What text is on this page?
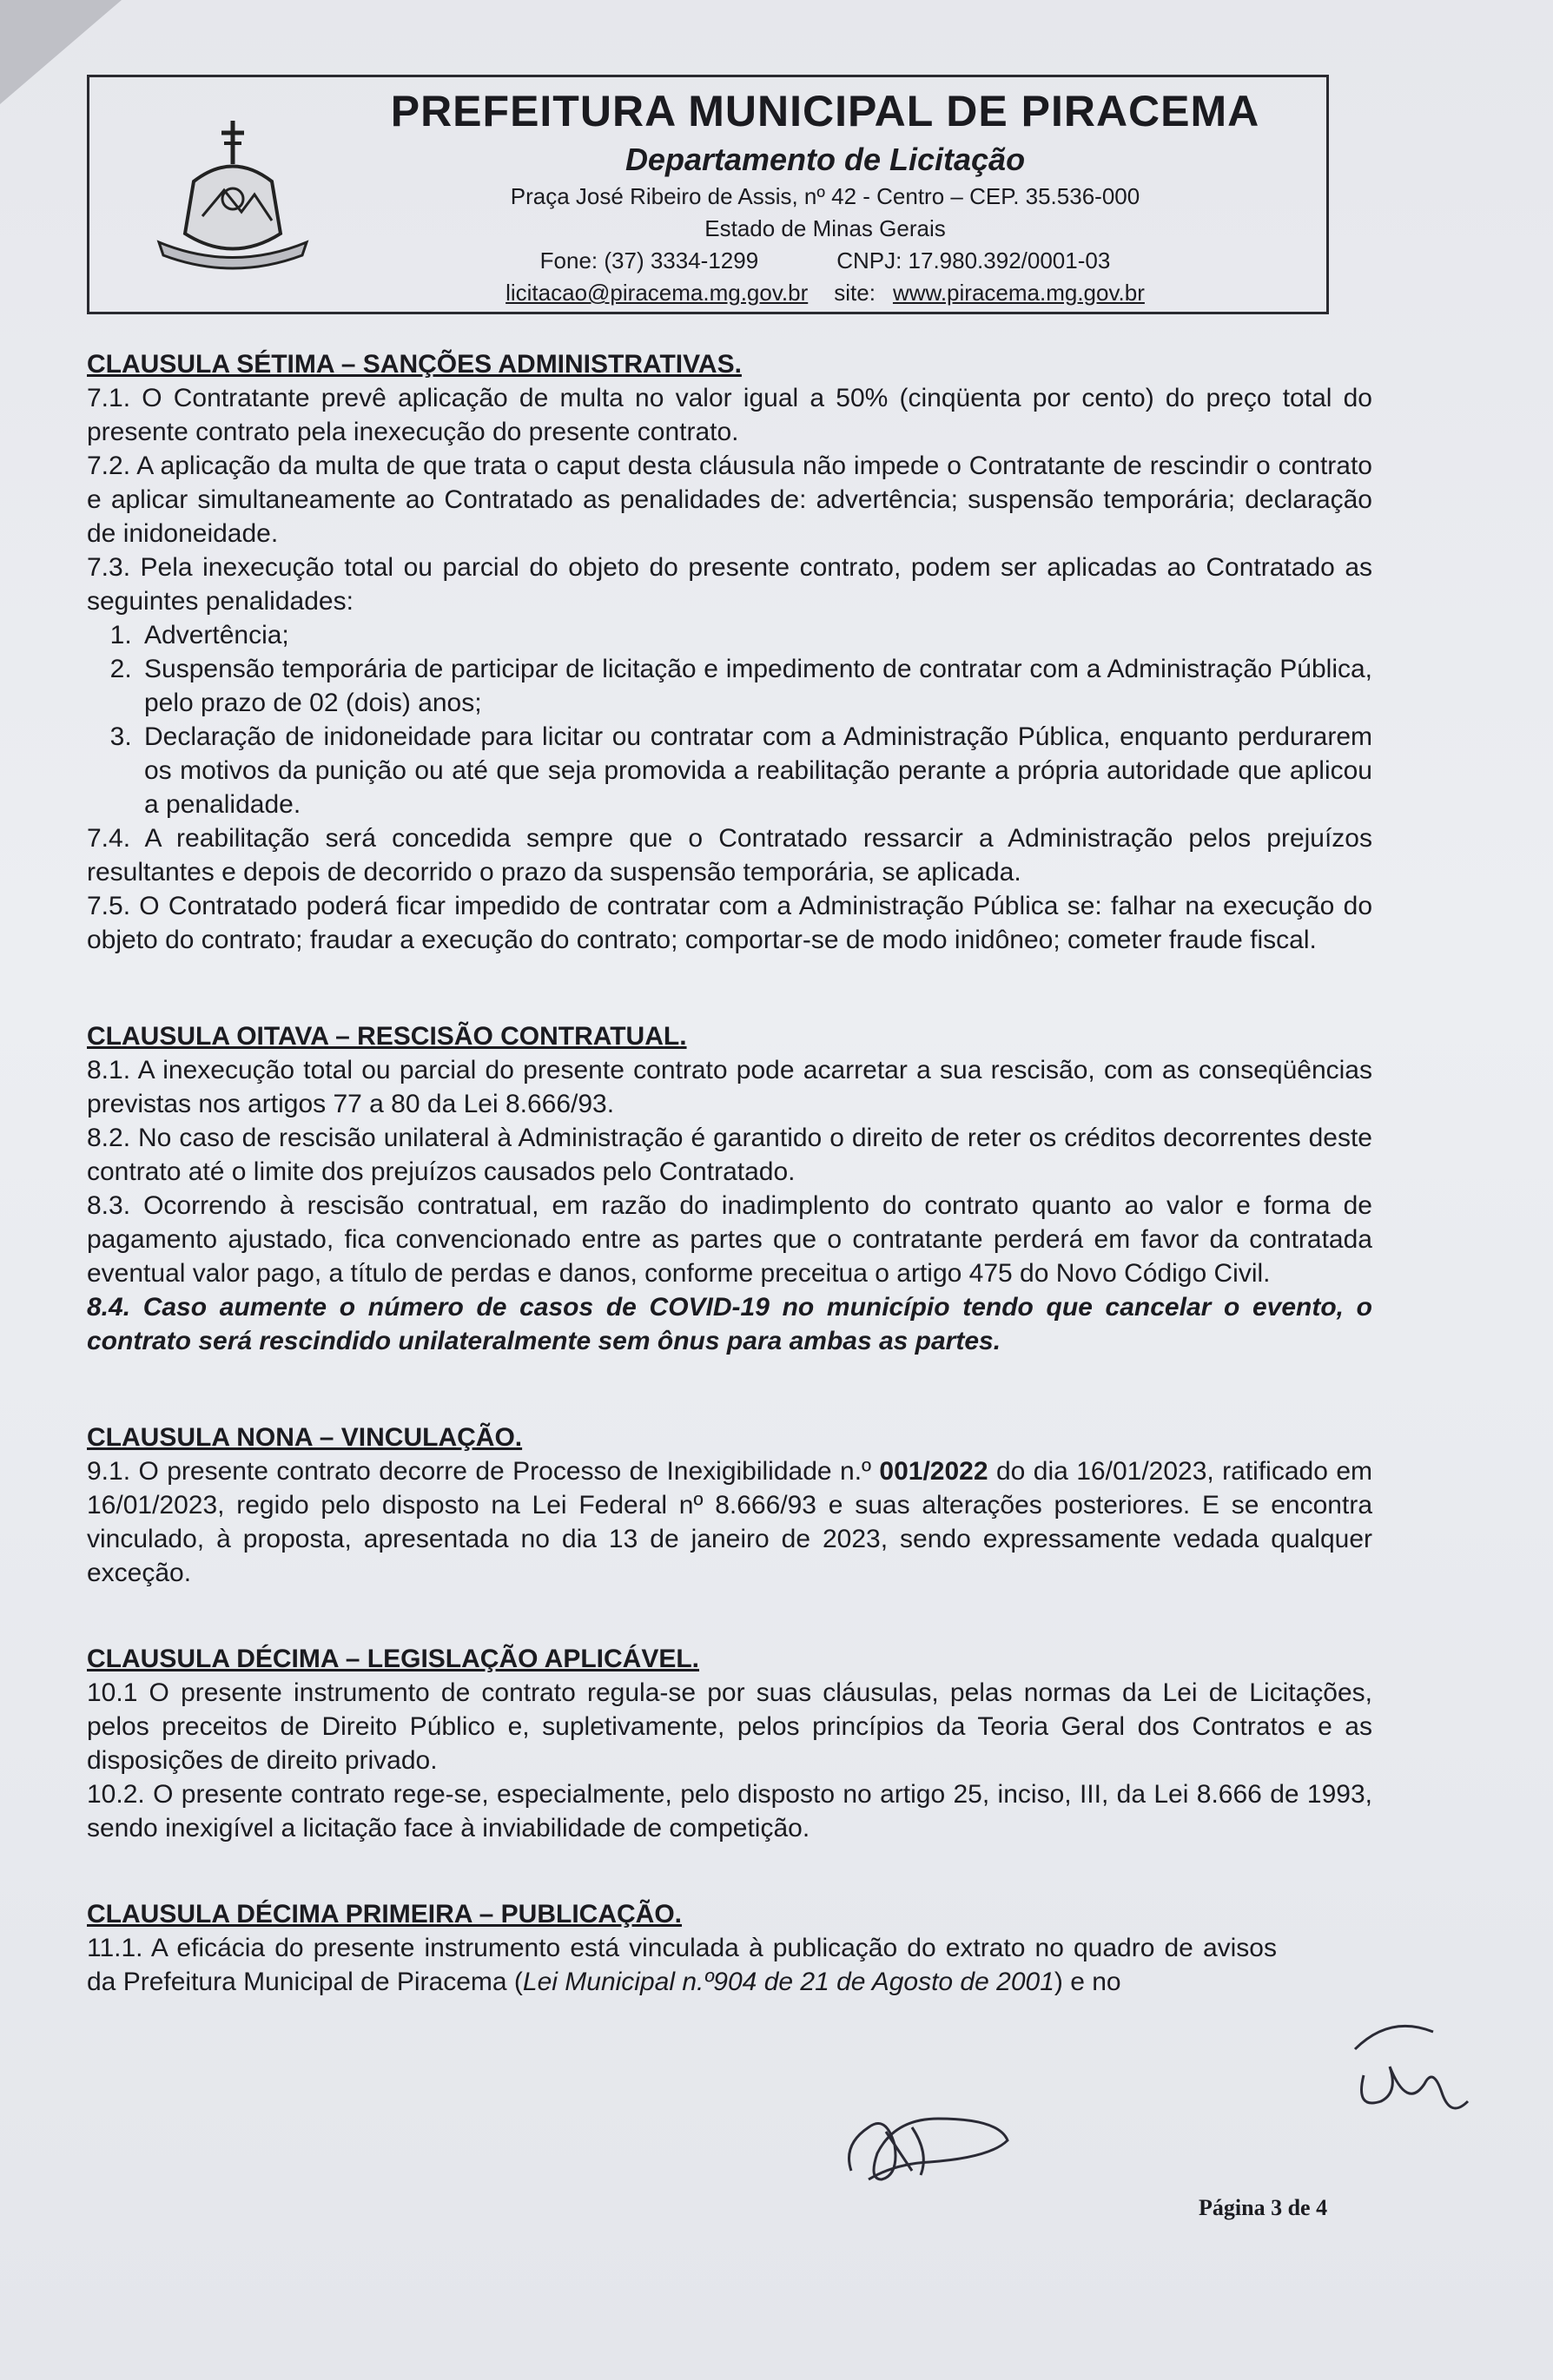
PREFEITURA MUNICIPAL DE PIRACEMA
Departamento de Licitação
Praça José Ribeiro de Assis, nº 42 - Centro – CEP. 35.536-000
Estado de Minas Gerais
Fone: (37) 3334-1299	CNPJ: 17.980.392/0001-03
licitacao@piracema.mg.gov.br site: www.piracema.mg.gov.br

CLAUSULA SÉTIMA – SANÇÕES ADMINISTRATIVAS.

7.1. O Contratante prevê aplicação de multa no valor igual a 50% (cinqüenta por cento) do preço total do presente contrato pela inexecução do presente contrato.

7.2. A aplicação da multa de que trata o caput desta cláusula não impede o Contratante de rescindir o contrato e aplicar simultaneamente ao Contratado as penalidades de: advertência; suspensão temporária; declaração de inidoneidade.

7.3. Pela inexecução total ou parcial do objeto do presente contrato, podem ser aplicadas ao Contratado as seguintes penalidades:

1. Advertência;
2. Suspensão temporária de participar de licitação e impedimento de contratar com a Administração Pública, pelo prazo de 02 (dois) anos;
3. Declaração de inidoneidade para licitar ou contratar com a Administração Pública, enquanto perdurarem os motivos da punição ou até que seja promovida a reabilitação perante a própria autoridade que aplicou a penalidade.

7.4. A reabilitação será concedida sempre que o Contratado ressarcir a Administração pelos prejuízos resultantes e depois de decorrido o prazo da suspensão temporária, se aplicada.

7.5. O Contratado poderá ficar impedido de contratar com a Administração Pública se: falhar na execução do objeto do contrato; fraudar a execução do contrato; comportar-se de modo inidôneo; cometer fraude fiscal.

CLAUSULA OITAVA – RESCISÃO CONTRATUAL.

8.1. A inexecução total ou parcial do presente contrato pode acarretar a sua rescisão, com as conseqüências previstas nos artigos 77 a 80 da Lei 8.666/93.

8.2. No caso de rescisão unilateral à Administração é garantido o direito de reter os créditos decorrentes deste contrato até o limite dos prejuízos causados pelo Contratado.

8.3. Ocorrendo à rescisão contratual, em razão do inadimplento do contrato quanto ao valor e forma de pagamento ajustado, fica convencionado entre as partes que o contratante perderá em favor da contratada eventual valor pago, a título de perdas e danos, conforme preceitua o artigo 475 do Novo Código Civil.

8.4. Caso aumente o número de casos de COVID-19 no município tendo que cancelar o evento, o contrato será rescindido unilateralmente sem ônus para ambas as partes.

CLAUSULA NONA – VINCULAÇÃO.

9.1. O presente contrato decorre de Processo de Inexigibilidade n.º 001/2022 do dia 16/01/2023, ratificado em 16/01/2023, regido pelo disposto na Lei Federal nº 8.666/93 e suas alterações posteriores. E se encontra vinculado, à proposta, apresentada no dia 13 de janeiro de 2023, sendo expressamente vedada qualquer exceção.

CLAUSULA DÉCIMA – LEGISLAÇÃO APLICÁVEL.

10.1 O presente instrumento de contrato regula-se por suas cláusulas, pelas normas da Lei de Licitações, pelos preceitos de Direito Público e, supletivamente, pelos princípios da Teoria Geral dos Contratos e as disposições de direito privado.

10.2. O presente contrato rege-se, especialmente, pelo disposto no artigo 25, inciso, III, da Lei 8.666 de 1993, sendo inexigível a licitação face à inviabilidade de competição.

CLAUSULA DÉCIMA PRIMEIRA – PUBLICAÇÃO.

11.1. A eficácia do presente instrumento está vinculada à publicação do extrato no quadro de avisos da Prefeitura Municipal de Piracema (Lei Municipal n.º904 de 21 de Agosto de 2001) e no

Página 3 de 4
